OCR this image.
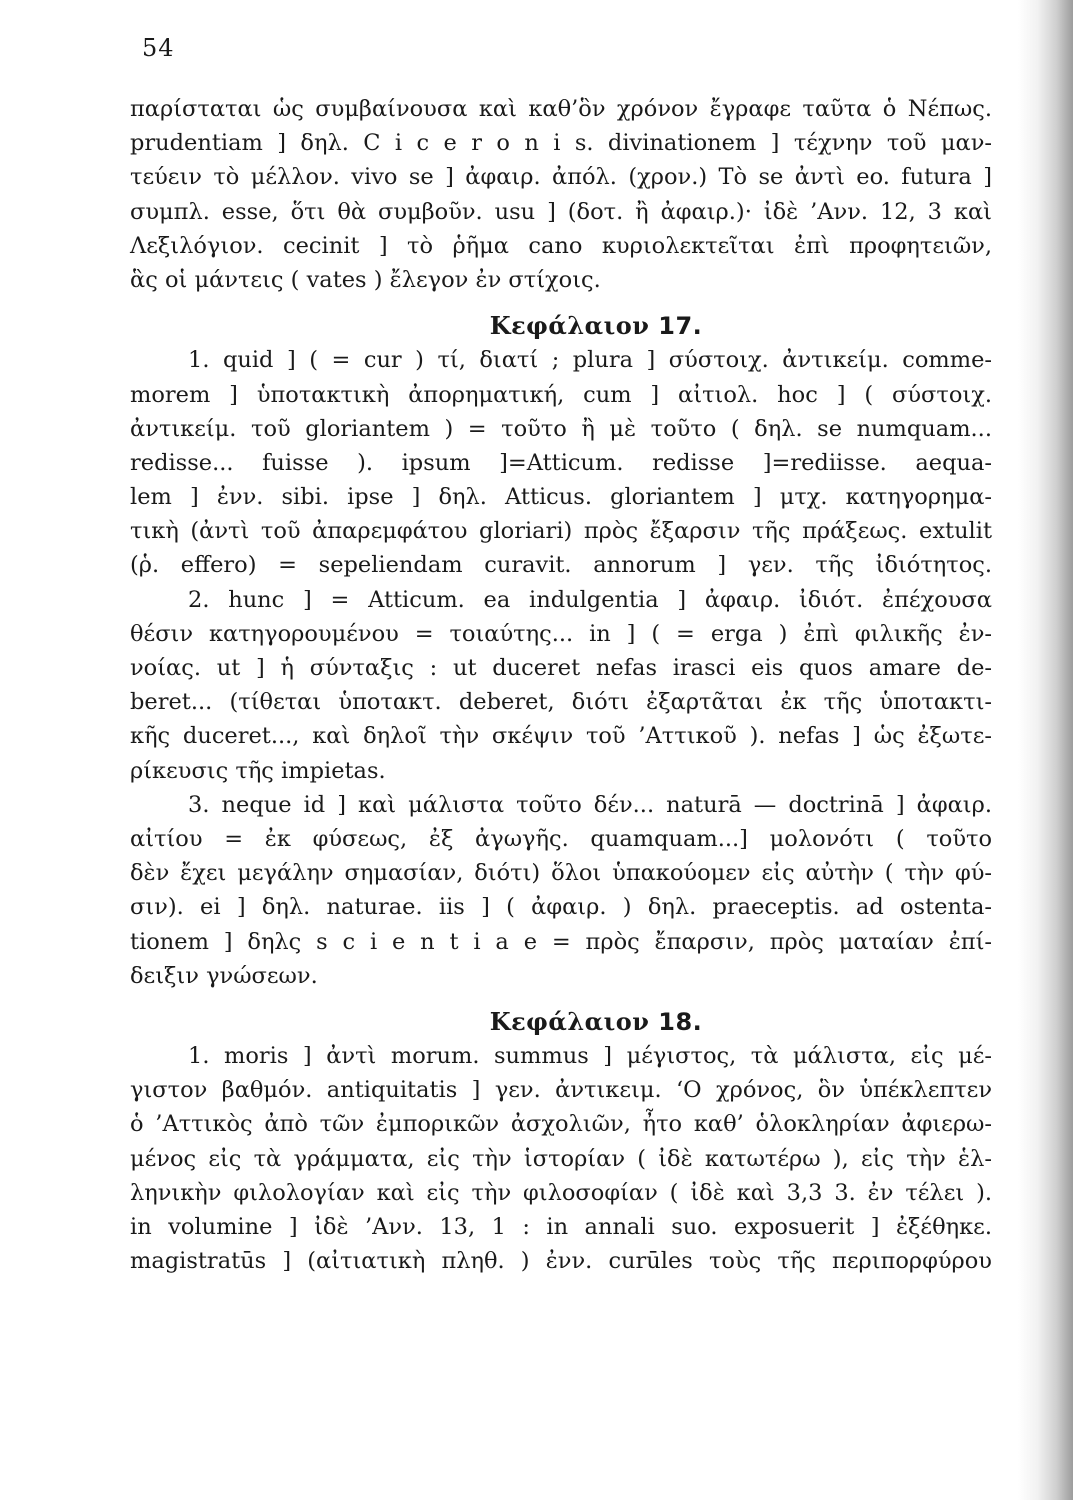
54
παρίσταται ὡς συμβαίνουσα καὶ καθ’ὃν χρόνον ἔγραφε ταῦτα ὁ Νέπως.
prudentiam ] δηλ. C i c e r o n i s. divinationem ] τέχνην τοῦ μαν-
τεύειν τὸ μέλλον. vivo se ] ἀφαιρ. ἀπόλ. (χρον.) Τὸ se ἀντὶ eo. futura ]
συμπλ. esse, ὅτι θὰ συμβοῦν. usu ] (δοτ. ἢ ἀφαιρ.)· ἰδὲ ’Ανν. 12, 3 καὶ
Λεξιλόγιον. cecinit ] τὸ ῥῆμα cano κυριολεκτεῖται ἐπὶ προφητειῶν,
ἃς οἱ μάντεις ( vates ) ἔλεγον ἐν στίχοις.
Κεφάλαιον 17.
1. quid ] ( = cur ) τί, διατί ; plura ] σύστοιχ. ἀντικείμ. comme-
morem ] ὑποτακτικὴ ἀπορηματική, cum ] αἰτιολ. hoc ] ( σύστοιχ.
ἀντικείμ. τοῦ gloriantem ) = τοῦτο ἢ μὲ τοῦτο ( δηλ. se numquam...
redisse... fuisse ). ipsum ]=Atticum. redisse ]=rediisse. aequa-
lem ] ἐνν. sibi. ipse ] δηλ. Atticus. gloriantem ] μτχ. κατηγορημα-
τικὴ (ἀντὶ τοῦ ἀπαρεμφάτου gloriari) πρὸς ἔξαρσιν τῆς πράξεως. extulit
(ῥ. effero) = sepeliendam curavit. annorum ] γεν. τῆς ἰδιότητος.
2. hunc ] = Atticum. ea indulgentia ] ἀφαιρ. ἰδιότ. ἐπέχουσα
θέσιν κατηγορουμένου = τοιαύτης... in ] ( = erga ) ἐπὶ φιλικῆς ἐν-
νοίας. ut ] ἡ σύνταξις : ut duceret nefas irasci eis quos amare de-
beret... (τίθεται ὑποτακτ. deberet, διότι ἐξαρτᾶται ἐκ τῆς ὑποτακτι-
κῆς duceret..., καὶ δηλοῖ τὴν σκέψιν τοῦ ’Αττικοῦ ). nefas ] ὡς ἐξωτε-
ρίκευσις τῆς impietas.
3. neque id ] καὶ μάλιστα τοῦτο δέν... naturā — doctrinā ] ἀφαιρ.
αἰτίου = ἐκ φύσεως, ἐξ ἀγωγῆς. quamquam...] μολονότι ( τοῦτο
δὲν ἔχει μεγάλην σημασίαν, διότι) ὅλοι ὑπακούομεν εἰς αὐτὴν ( τὴν φύ-
σιν). ei ] δηλ. naturae. iis ] ( ἀφαιρ. ) δηλ. praeceptis. ad ostenta-
tionem ] δηλς s c i e n t i a e = πρὸς ἔπαρσιν, πρὸς ματαίαν ἐπί-
δειξιν γνώσεων.
Κεφάλαιον 18.
1. moris ] ἀντὶ morum. summus ] μέγιστος, τὰ μάλιστα, εἰς μέ-
γιστον βαθμόν. antiquitatis ] γεν. ἀντικειμ. ‘Ο χρόνος, ὃν ὑπέκλεπτεν
ὁ ’Αττικὸς ἀπὸ τῶν ἐμπορικῶν ἀσχολιῶν, ἦτο καθ’ ὁλοκληρίαν ἀφιερω-
μένος εἰς τὰ γράμματα, εἰς τὴν ἱστορίαν ( ἰδὲ κατωτέρω ), εἰς τὴν ἑλ-
ληνικὴν φιλολογίαν καὶ εἰς τὴν φιλοσοφίαν ( ἰδὲ καὶ 3,3 3. ἐν τέλει ).
in volumine ] ἰδὲ ’Ανν. 13, 1 : in annali suo. exposuerit ] ἐξέθηκε.
magistratūs ] (αἰτιατικὴ πληθ. ) ἐνν. curūles τοὺς τῆς περιπορφύρου
